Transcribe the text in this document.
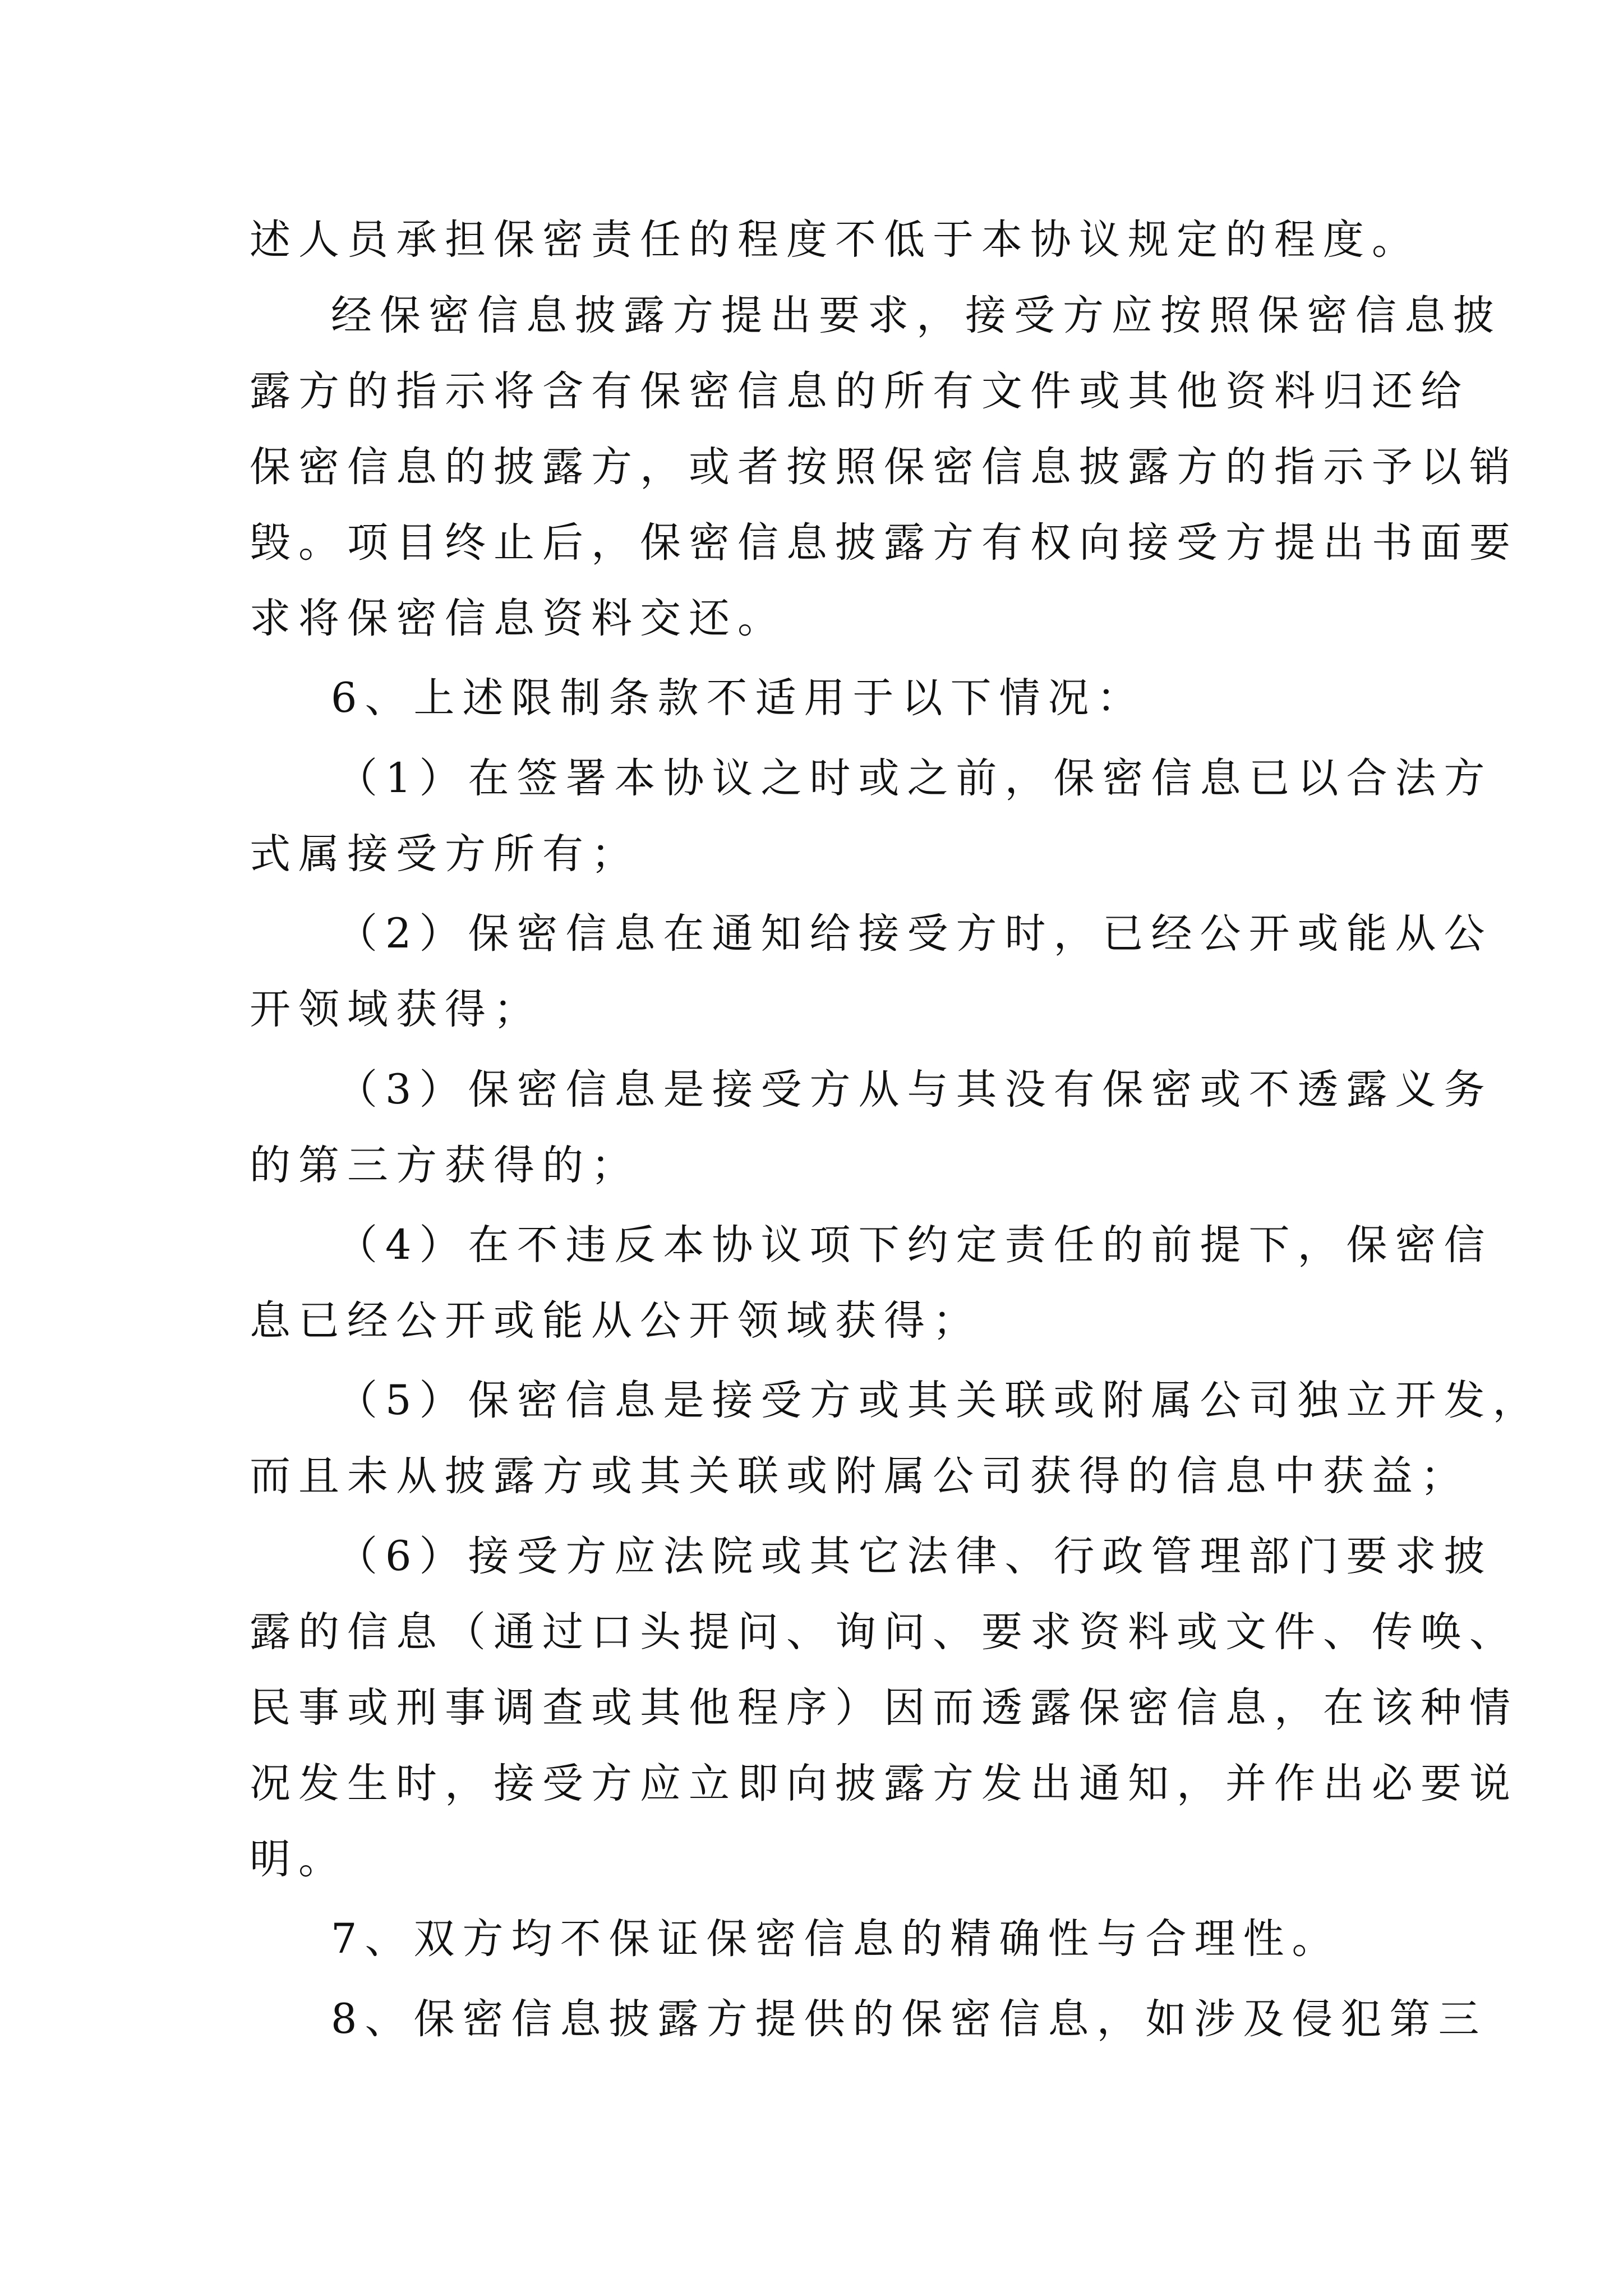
述人员承担保密责任的程度不低于本协议规定的程度。
经保密信息披露方提出要求，接受方应按照保密信息披
露方的指示将含有保密信息的所有文件或其他资料归还给
保密信息的披露方，或者按照保密信息披露方的指示予以销
毁。项目终止后，保密信息披露方有权向接受方提出书面要
求将保密信息资料交还。
6、上述限制条款不适用于以下情况：
（1）在签署本协议之时或之前，保密信息已以合法方
式属接受方所有；
（2）保密信息在通知给接受方时，已经公开或能从公
开领域获得；
（3）保密信息是接受方从与其没有保密或不透露义务
的第三方获得的；
（4）在不违反本协议项下约定责任的前提下，保密信
息已经公开或能从公开领域获得；
（5）保密信息是接受方或其关联或附属公司独立开发，
而且未从披露方或其关联或附属公司获得的信息中获益；
（6）接受方应法院或其它法律、行政管理部门要求披
露的信息（通过口头提问、询问、要求资料或文件、传唤、
民事或刑事调查或其他程序）因而透露保密信息，在该种情
况发生时，接受方应立即向披露方发出通知，并作出必要说
明。
7、双方均不保证保密信息的精确性与合理性。
8、保密信息披露方提供的保密信息，如涉及侵犯第三
